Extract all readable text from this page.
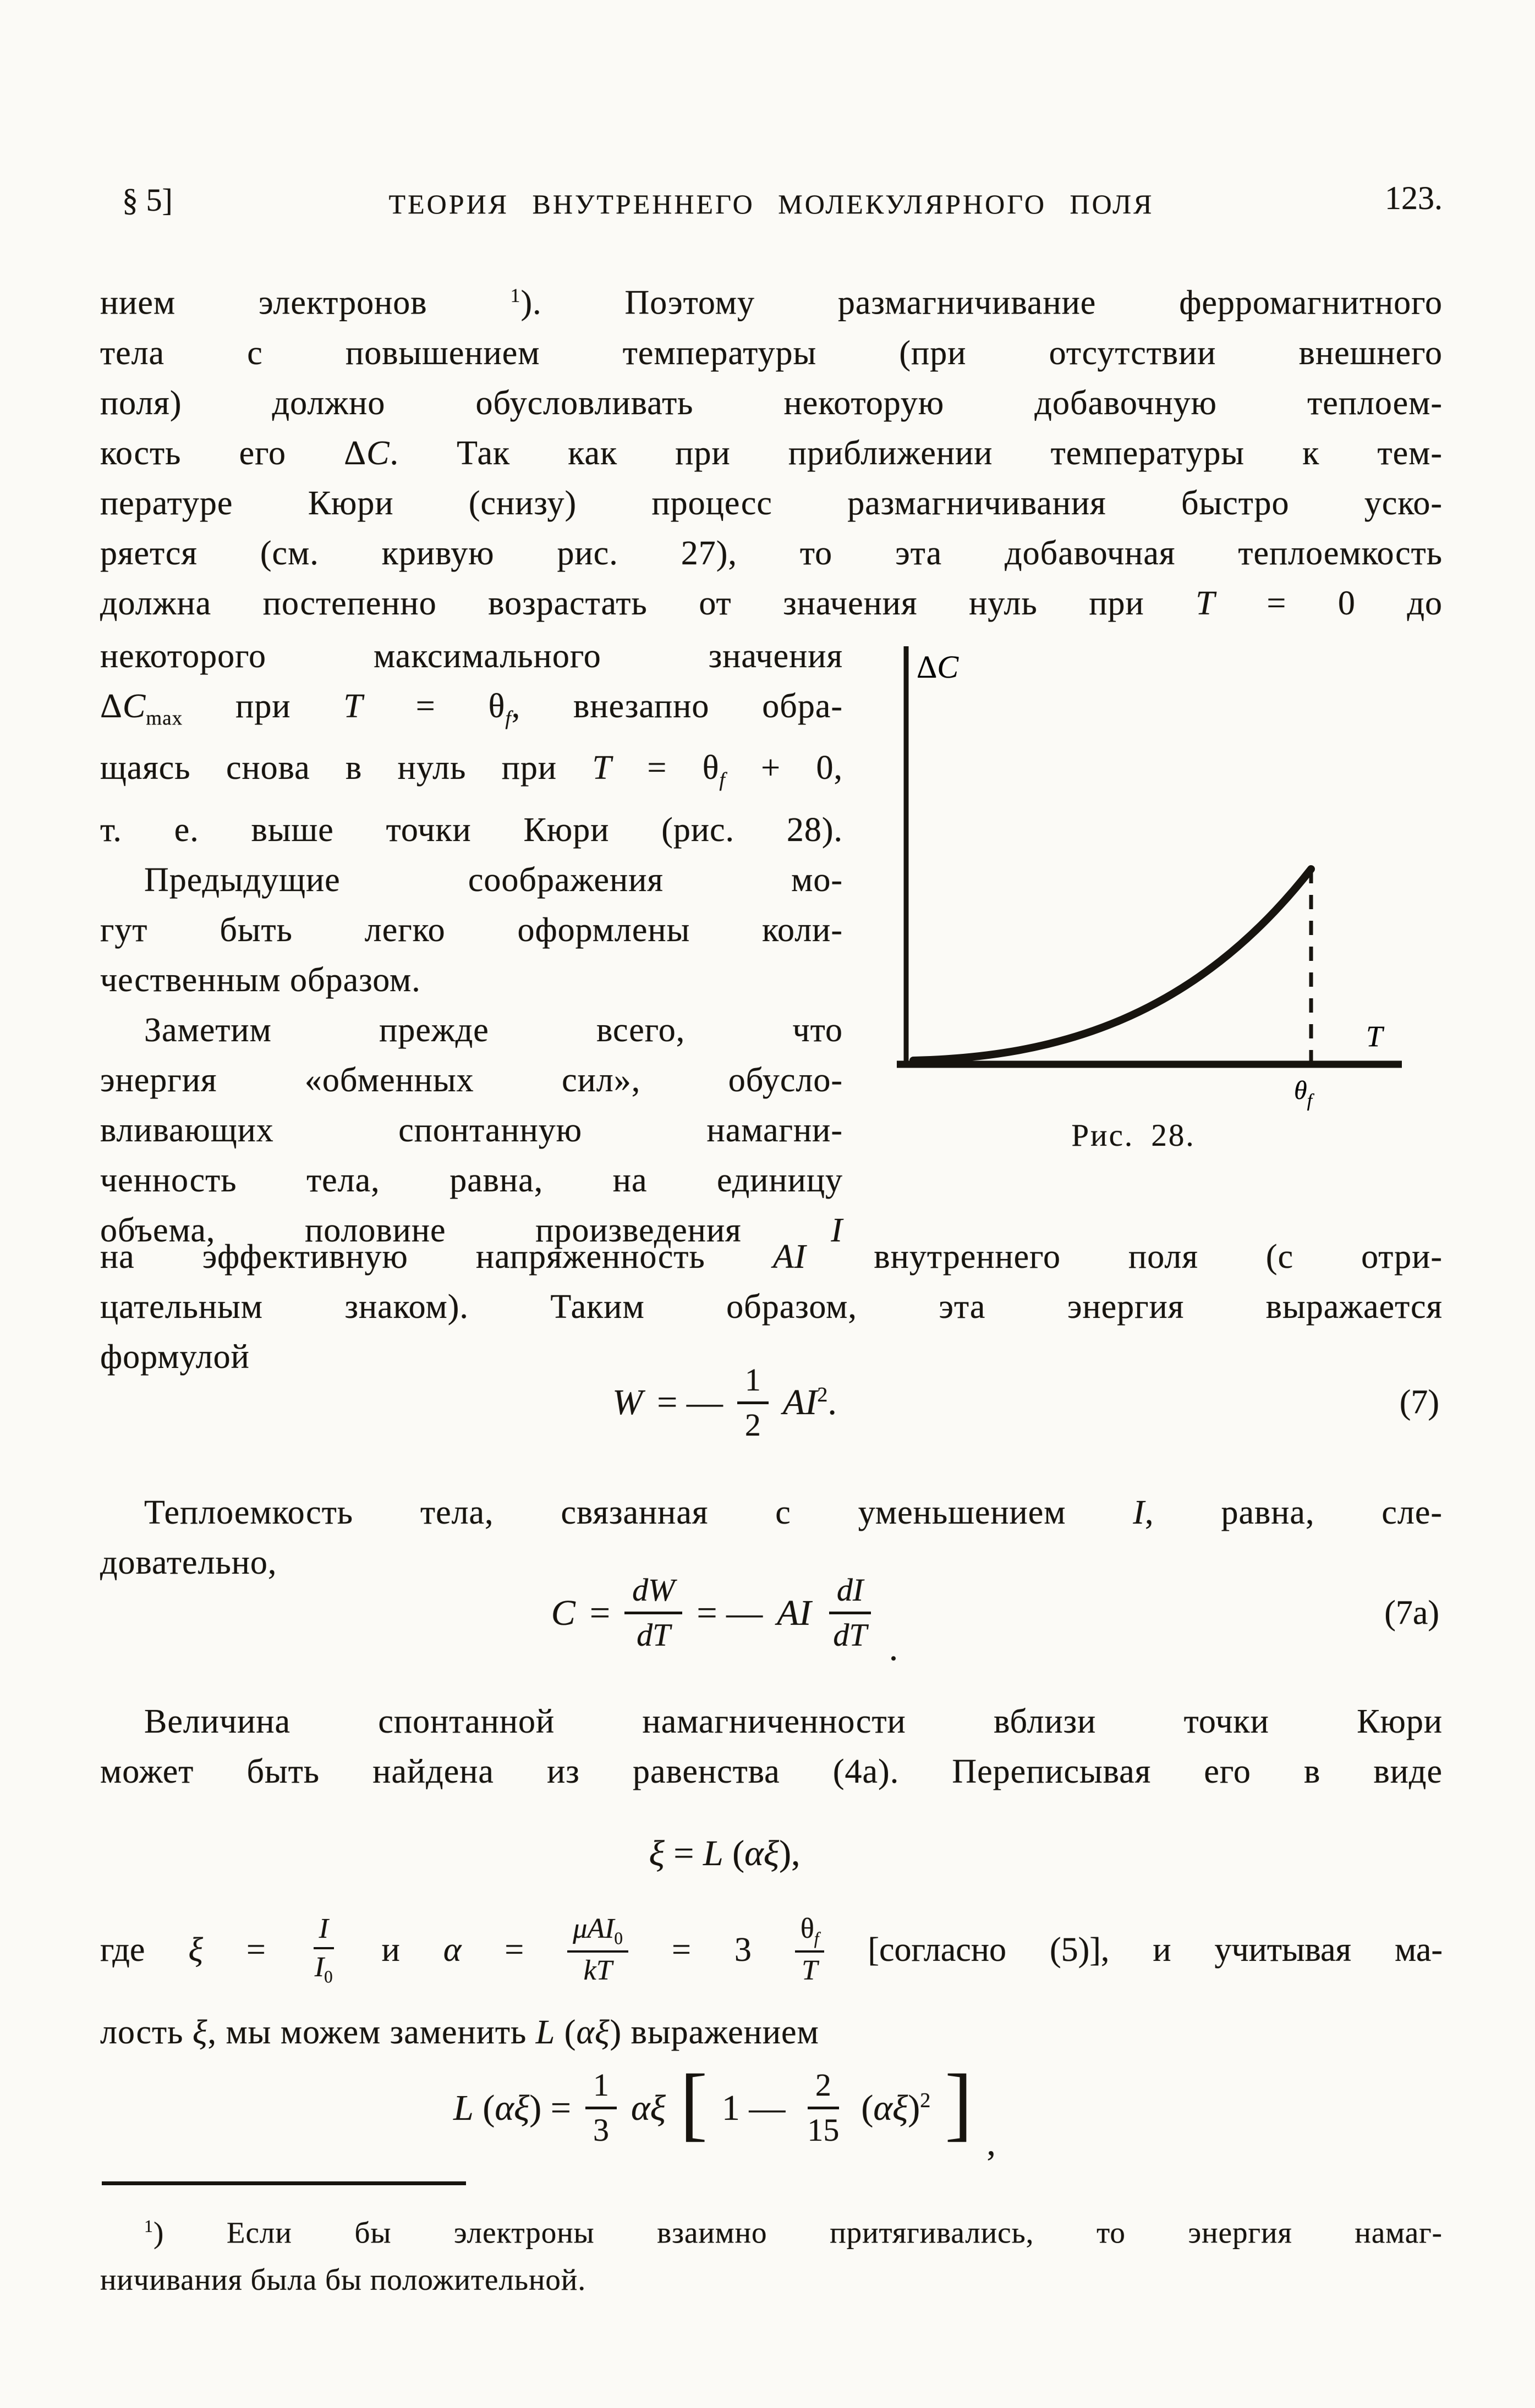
§ 5]	ТЕОРИЯ ВНУТРЕННЕГО МОЛЕКУЛЯРНОГО ПОЛЯ	123.
нием электронов $^1$). Поэтому размагничивание ферромагнитного
тела с повышением температуры (при отсутствии внешнего
поля) должно обусловливать некоторую добавочную теплоем-
кость его ΔC. Так как при приближении температуры к тем-
пературе Кюри (снизу) процесс размагничивания быстро уско-
ряется (см. кривую рис. 27), то эта добавочная теплоемкость
должна постепенно возрастать от значения нуль при T = 0 до
некоторого максимального значения
$\Delta C_{max}$ при $T = \theta_f$, внезапно обра-
щаясь снова в нуль при $T = \theta_f + 0$,
т. е. выше точки Кюри (рис. 28).
Предыдущие соображения мо-
гут быть легко оформлены коли-
чественным образом.
Заметим прежде всего, что
энергия «обменных сил», обусло-
вливающих спонтанную намагни-
ченность тела, равна, на единицу
объема, половине произведения I
ΔC
T
$\theta_f$
Рис. 28.
на эффективную напряженность AI внутреннего поля (с отри-
цательным знаком). Таким образом, эта энергия выражается
формулой
W = — $\frac{1}{2} AI^2$.	(7)
Теплоемкость тела, связанная с уменьшением I, равна, сле-
довательно,
$C = \frac{dW}{dT}$ = — AI $\frac{dI}{dT}$ .
(7a)
Величина спонтанной намагниченности вблизи точки Кюри
может быть найдена из равенства (4а). Переписывая его в виде
ξ = L (αξ),
где $\xi = \frac{I}{I_0}$ и α =
μAI$_0$
kT
= $3 \frac{\theta_f}{T}$ [согласно (5)], и учитывая ма-
лость ξ, мы можем заменить L (αξ) выражением
L $(\alpha\xi) = \frac{1}{3}$ αξ [ 1 — $\frac{2}{15} (\alpha\xi)^2$ ] ,
$^1$) Если бы электроны взаимно притягивались, то энергия намаг-
ничивания была бы положительной.
